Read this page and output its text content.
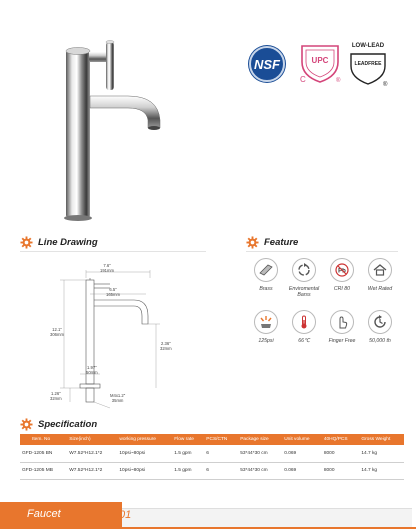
NSF	UPC
C	®
LOW-LEAD
LEADFREE
®
Line Drawing
7.6"
191mm
6.5"
165mm
12.1"
306mm
2.36"
32mm
1.97"
50mm
1.26"
32mm
M4x1.2"
35mm
Feature
Brass	Enviromental
Barss
Pb
CRI 80	Wet Rated
125psi	66℃	Finger Free	50,000 th
Specification
Item. No	Size(inch)	working pressure	Flow rate	PCS/CTN	Package size	Unit volume	40HQ/PCS	Gross Weight
GFD-1205 BN	W7.52*H12.1*2	10psi~80psi	1.5 gpm	6	53*44*30 cm	0.069	8000	14.7 kg
GFD-1205 MB	W7.52*H12.1*2	10psi~80psi	1.5 gpm	6	53*44*30 cm	0.069	8000	14.7 kg
Faucet	01
